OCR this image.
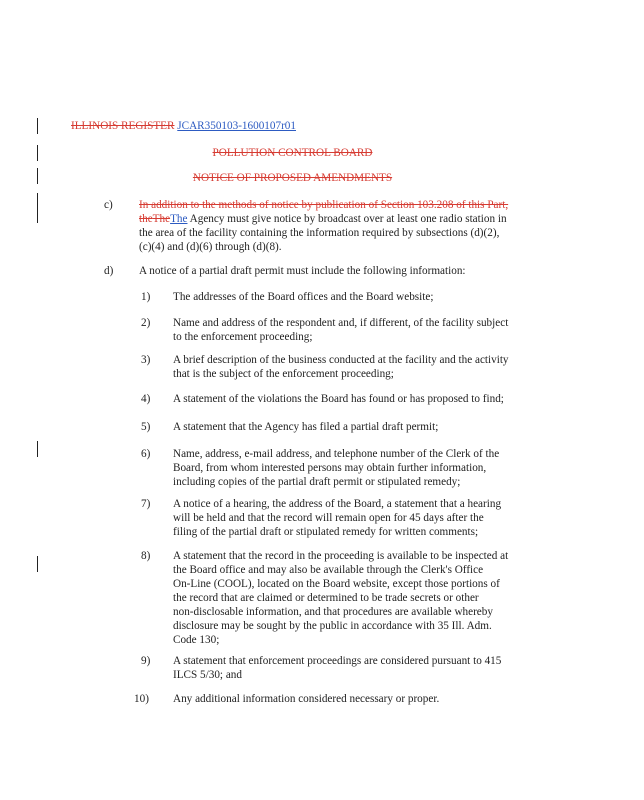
ILLINOIS REGISTER JCAR350103-1600107r01
POLLUTION CONTROL BOARD
NOTICE OF PROPOSED AMENDMENTS
c) In addition to the methods of notice by publication of Section 103.208 of this Part,
theTheThe Agency must give notice by broadcast over at least one radio station in
the area of the facility containing the information required by subsections (d)(2),
(c)(4) and (d)(6) through (d)(8).
d) A notice of a partial draft permit must include the following information:
1) The addresses of the Board offices and the Board website;
2) Name and address of the respondent and, if different, of the facility subject
to the enforcement proceeding;
3) A brief description of the business conducted at the facility and the activity
that is the subject of the enforcement proceeding;
4) A statement of the violations the Board has found or has proposed to find;
5) A statement that the Agency has filed a partial draft permit;
6) Name, address, e-mail address, and telephone number of the Clerk of the
Board, from whom interested persons may obtain further information,
including copies of the partial draft permit or stipulated remedy;
7) A notice of a hearing, the address of the Board, a statement that a hearing
will be held and that the record will remain open for 45 days after the
filing of the partial draft or stipulated remedy for written comments;
8) A statement that the record in the proceeding is available to be inspected at
the Board office and may also be available through the Clerk's Office
On-Line (COOL), located on the Board website, except those portions of
the record that are claimed or determined to be trade secrets or other
non-disclosable information, and that procedures are available whereby
disclosure may be sought by the public in accordance with 35 Ill. Adm.
Code 130;
9) A statement that enforcement proceedings are considered pursuant to 415
ILCS 5/30; and
10) Any additional information considered necessary or proper.
